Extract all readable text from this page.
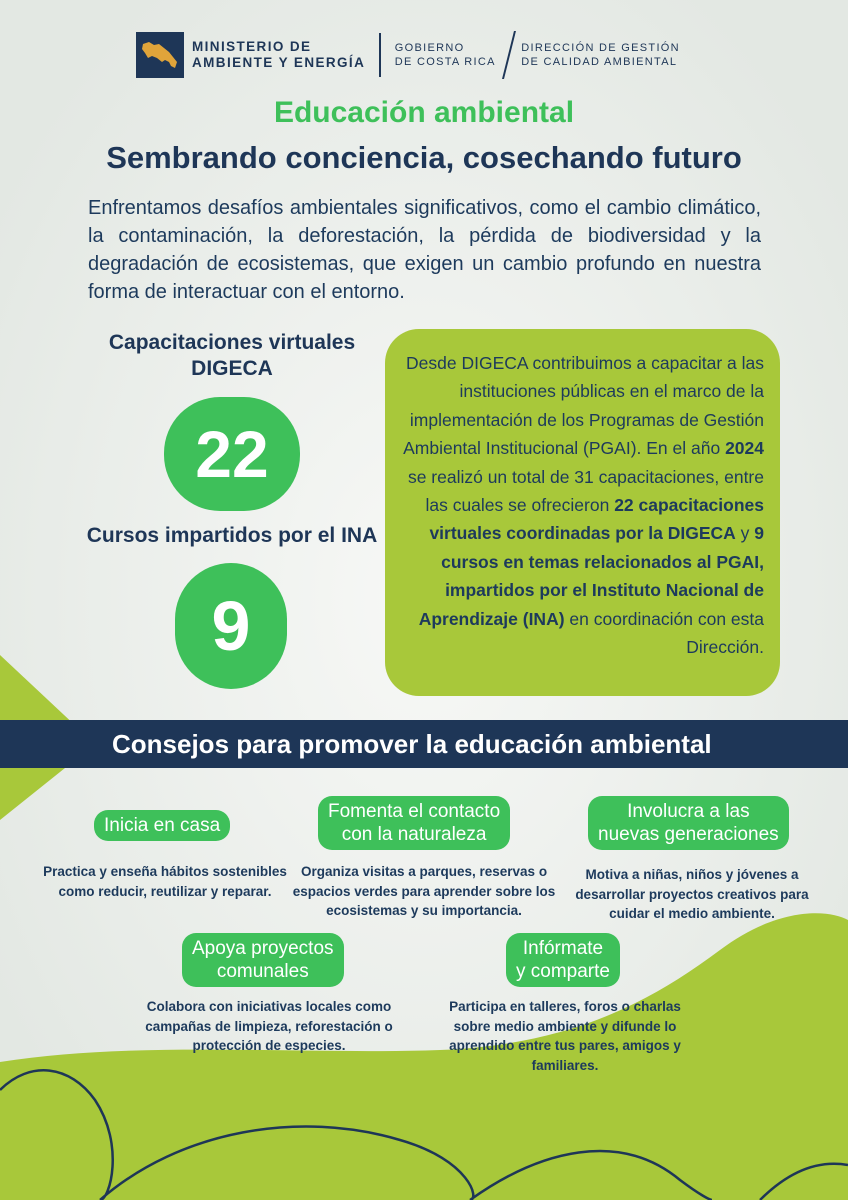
MINISTERIO DE
AMBIENTE Y ENERGÍA
GOBIERNO
DE COSTA RICA
DIRECCIÓN DE GESTIÓN
DE CALIDAD AMBIENTAL
Educación ambiental
Sembrando conciencia, cosechando futuro

Enfrentamos desafíos ambientales significativos, como el cambio climático, la contaminación, la deforestación, la pérdida de biodiversidad y la degradación de ecosistemas, que exigen un cambio profundo en nuestra forma de interactuar con el entorno.

Capacitaciones virtuales DIGECA
22
Cursos impartidos por el INA
9

Desde DIGECA contribuimos a capacitar a las instituciones públicas en el marco de la implementación de los Programas de Gestión Ambiental Institucional (PGAI). En el año 2024 se realizó un total de 31 capacitaciones, entre las cuales se ofrecieron 22 capacitaciones virtuales coordinadas por la DIGECA y 9 cursos en temas relacionados al PGAI, impartidos por el Instituto Nacional de Aprendizaje (INA) en coordinación con esta Dirección.

Consejos para promover la educación ambiental
Inicia en casa
Practica y enseña hábitos sostenibles como reducir, reutilizar y reparar.
Fomenta el contacto
con la naturaleza
Organiza visitas a parques, reservas o espacios verdes para aprender sobre los ecosistemas y su importancia.
Involucra a las
nuevas generaciones
Motiva a niñas, niños y jóvenes a desarrollar proyectos creativos para cuidar el medio ambiente.
Apoya proyectos
comunales
Colabora con iniciativas locales como campañas de limpieza, reforestación o protección de especies.
Infórmate
y comparte
Participa en talleres, foros o charlas sobre medio ambiente y difunde lo aprendido entre tus pares, amigos y familiares.
